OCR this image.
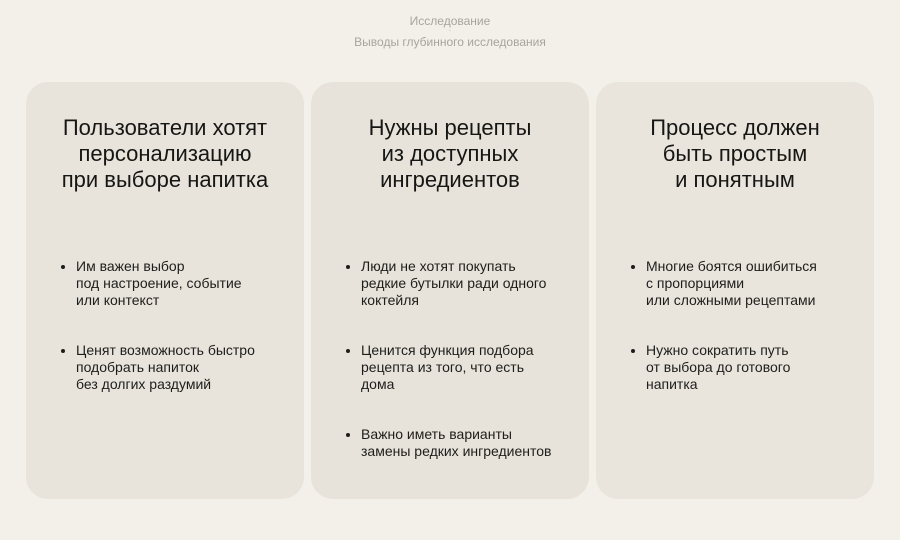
Исследование
·
Выводы глубинного исследования
Пользователи хотят
персонализацию
при выборе напитка
Им важен выбор
под настроение, событие
или контекст
Ценят возможность быстро
подобрать напиток
без долгих раздумий
Нужны рецепты
из доступных
ингредиентов
Люди не хотят покупать
редкие бутылки ради одного
коктейля
Ценится функция подбора
рецепта из того, что есть
дома
Важно иметь варианты
замены редких ингредиентов
Процесс должен
быть простым
и понятным
Многие боятся ошибиться
с пропорциями
или сложными рецептами
Нужно сократить путь
от выбора до готового
напитка
